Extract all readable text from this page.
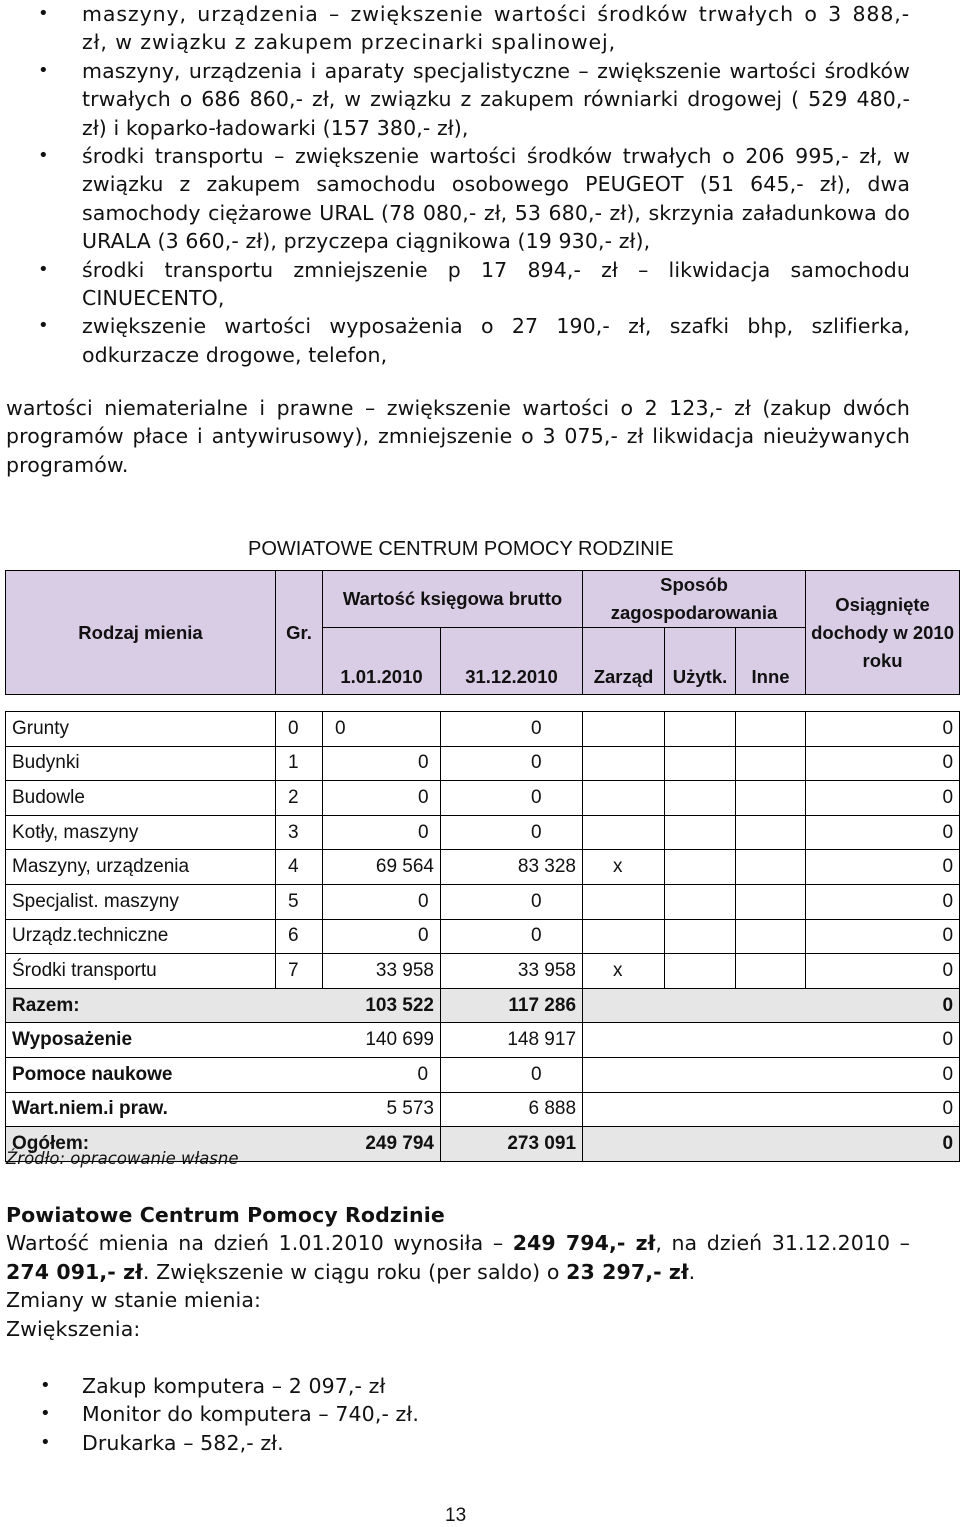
• maszyny, urządzenia – zwiększenie wartości środków trwałych o 3 888,- zł, w związku z zakupem przecinarki spalinowej,
• maszyny, urządzenia i aparaty specjalistyczne – zwiększenie wartości środków trwałych o 686 860,- zł, w związku z zakupem równiarki drogowej ( 529 480,- zł) i koparko-ładowarki (157 380,- zł),
• środki transportu – zwiększenie wartości środków trwałych o 206 995,- zł, w związku z zakupem samochodu osobowego PEUGEOT (51 645,- zł), dwa samochody ciężarowe URAL (78 080,- zł, 53 680,- zł), skrzynia załadunkowa do URALA (3 660,- zł), przyczepa ciągnikowa (19 930,- zł),
• środki transportu zmniejszenie p 17 894,- zł – likwidacja samochodu CINUECENTO,
• zwiększenie wartości wyposażenia o 27 190,- zł, szafki bhp, szlifierka, odkurzacze drogowe, telefon,

wartości niematerialne i prawne – zwiększenie wartości o 2 123,- zł (zakup dwóch programów płace i antywirusowy), zmniejszenie o 3 075,- zł likwidacja nieużywanych programów.

POWIATOWE CENTRUM POMOCY RODZINIE
Rodzaj mienia	Gr.	Wartość księgowa brutto		Sposób zagospodarowania			Osiągnięte dochody w 2010 roku
		1.01.2010	31.12.2010	Zarząd	Użytk.	Inne	

Grunty	0	0	0				0
Budynki	1	0	0				0
Budowle	2	0	0				0
Kotły, maszyny	3	0	0				0
Maszyny, urządzenia	4	69 564	83 328	x			0
Specjalist. maszyny	5	0	0				0
Urządz.techniczne	6	0	0				0
Środki transportu	7	33 958	33 958	x			0
Razem:		103 522	117 286				0
Wyposażenie		140 699	148 917				0
Pomoce naukowe		0	0				0
Wart.niem.i praw.		5 573	6 888				0
Ogółem:		249 794	273 091				0
Źródło: opracowanie własne
Powiatowe Centrum Pomocy Rodzinie
Wartość mienia na dzień 1.01.2010 wynosiła – 249 794,- zł, na dzień 31.12.2010 – 274 091,- zł. Zwiększenie w ciągu roku (per saldo) o 23 297,- zł.
Zmiany w stanie mienia:
Zwiększenia:
• Zakup komputera – 2 097,- zł
• Monitor do komputera – 740,- zł.
• Drukarka – 582,- zł.
13
